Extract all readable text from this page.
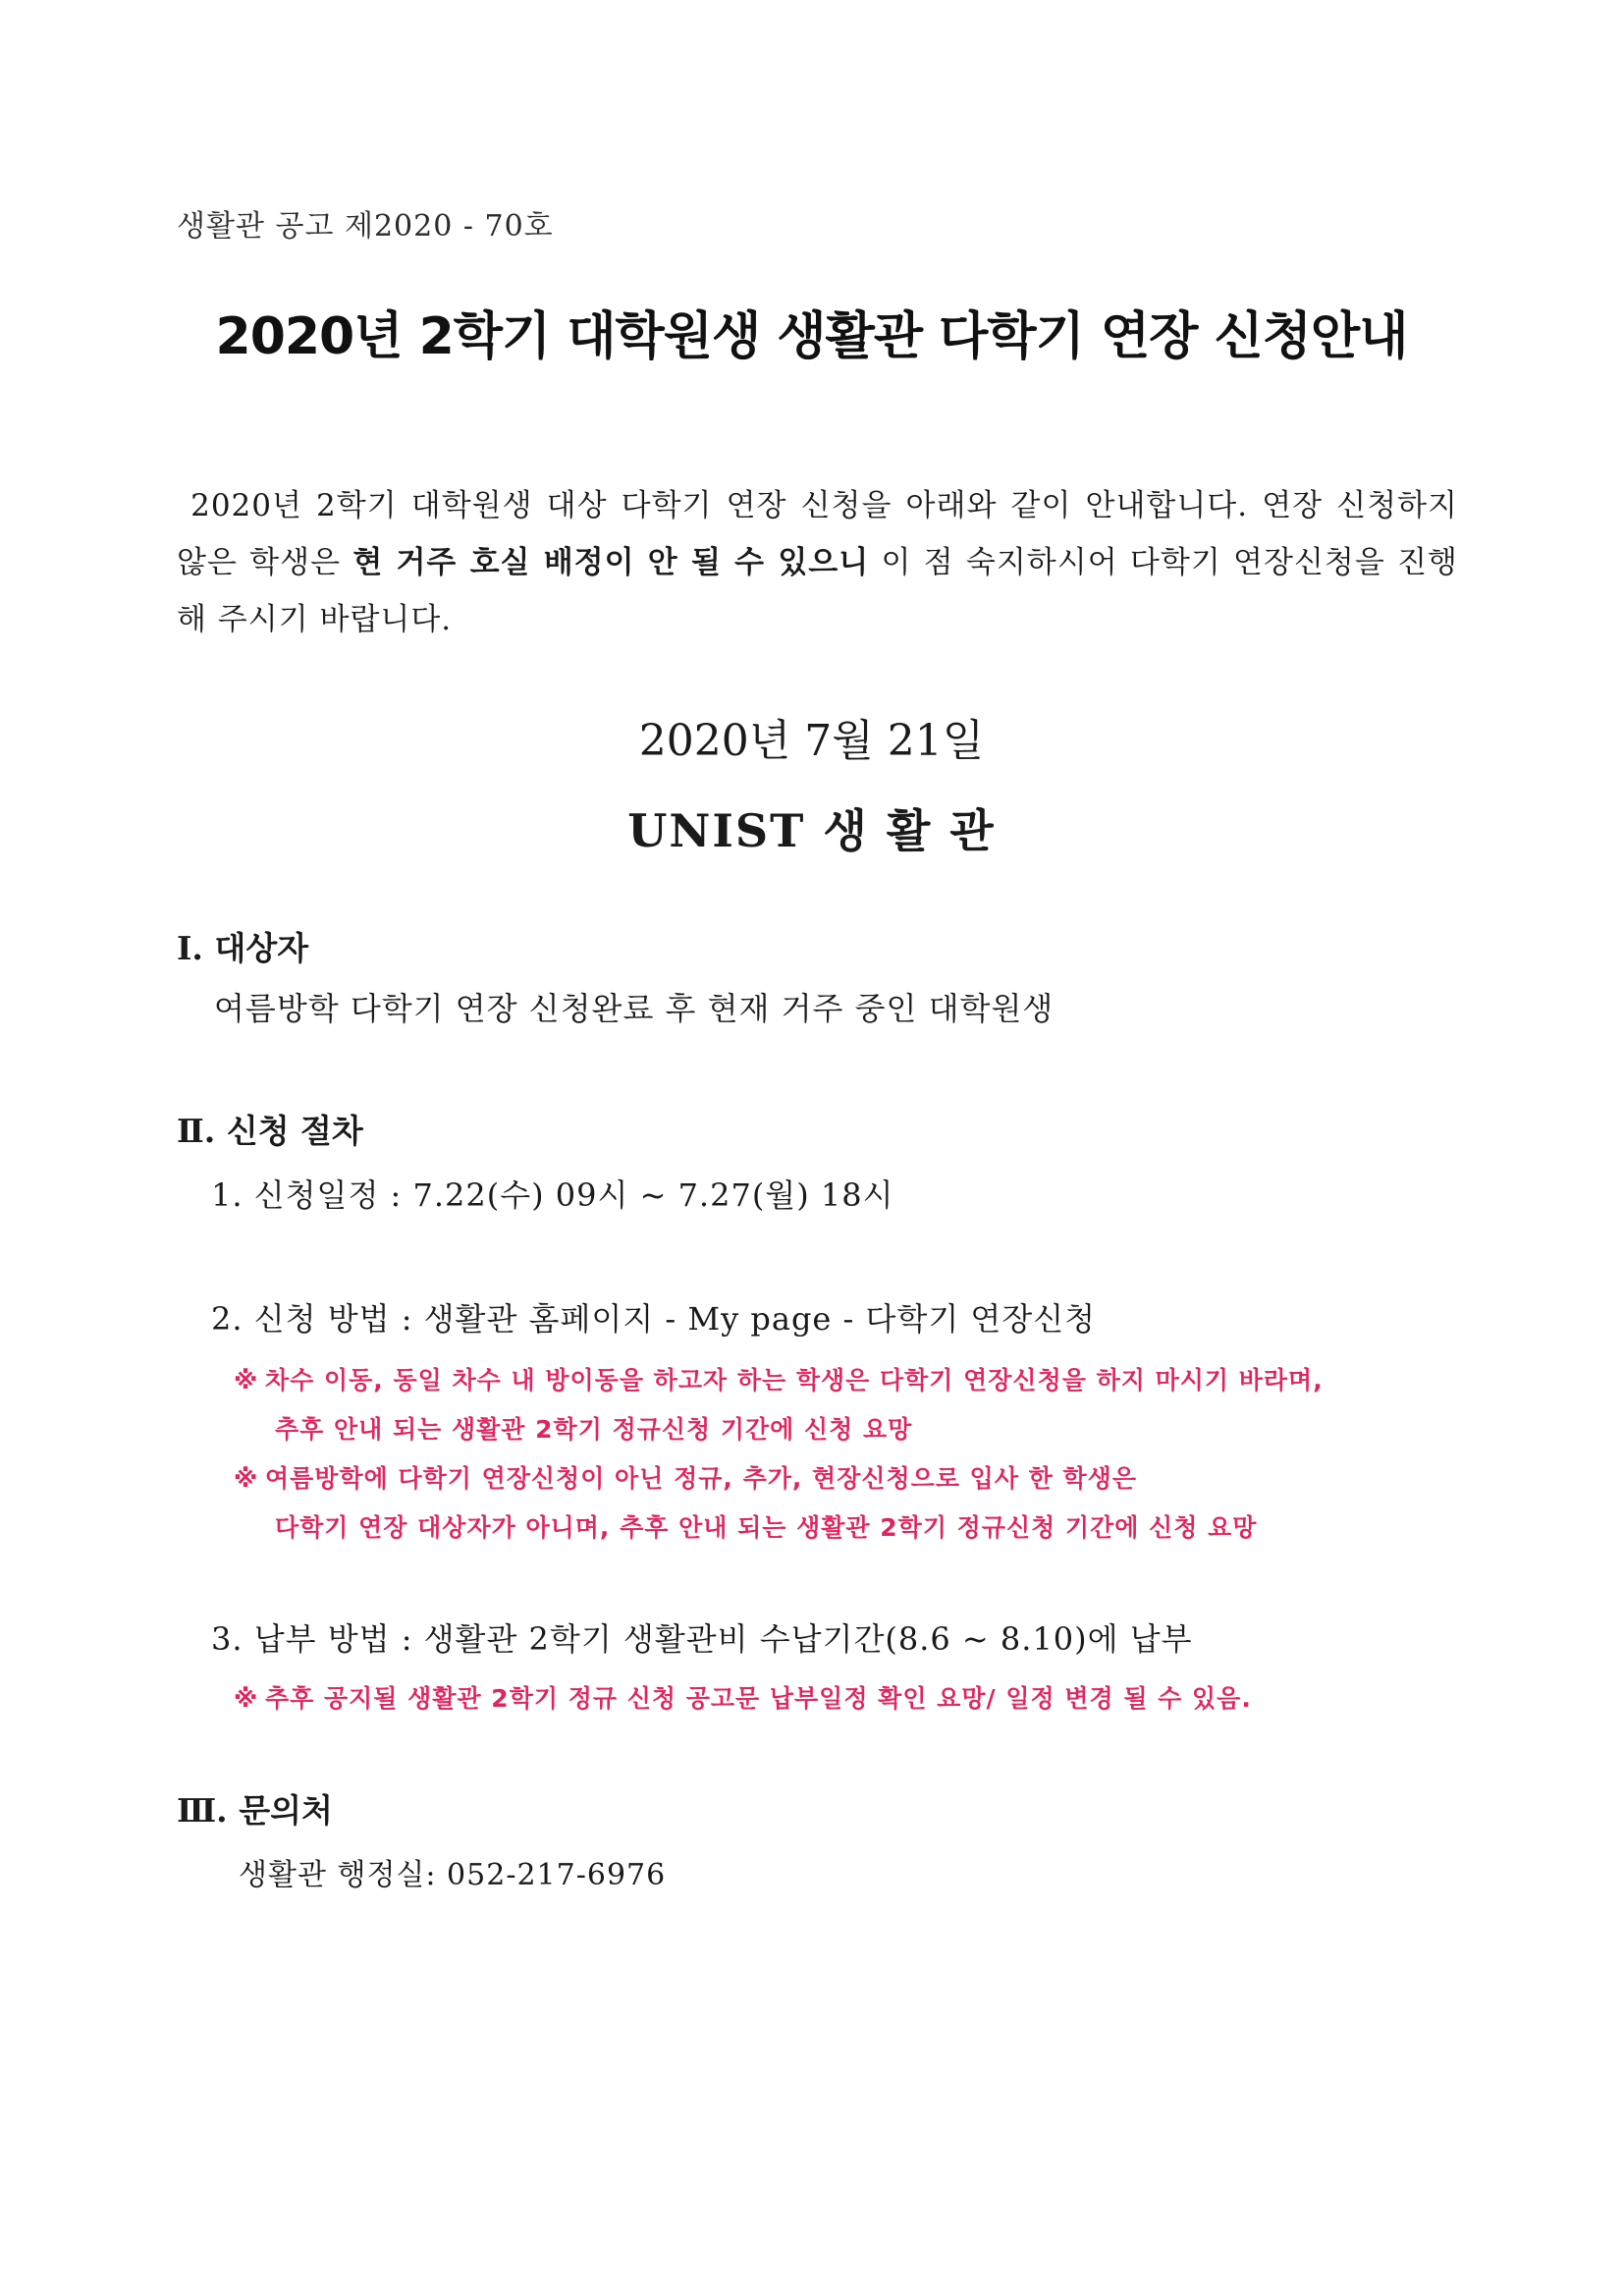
생활관 공고 제2020 - 70호
2020년 2학기 대학원생 생활관 다학기 연장 신청안내
2020년 2학기 대학원생 대상 다학기 연장 신청을 아래와 같이 안내합니다. 연장 신청하지 않은 학생은 현 거주 호실 배정이 안 될 수 있으니 이 점 숙지하시어 다학기 연장신청을 진행해 주시기 바랍니다.
2020년 7월 21일
UNIST 생 활 관
Ⅰ. 대상자
여름방학 다학기 연장 신청완료 후 현재 거주 중인 대학원생
Ⅱ. 신청 절차
1. 신청일정 : 7.22(수) 09시 ~ 7.27(월) 18시
2. 신청 방법 : 생활관 홈페이지 - My page - 다학기 연장신청
※ 차수 이동, 동일 차수 내 방이동을 하고자 하는 학생은 다학기 연장신청을 하지 마시기 바라며,
추후 안내 되는 생활관 2학기 정규신청 기간에 신청 요망
※ 여름방학에 다학기 연장신청이 아닌 정규, 추가, 현장신청으로 입사 한 학생은
다학기 연장 대상자가 아니며, 추후 안내 되는 생활관 2학기 정규신청 기간에 신청 요망
3. 납부 방법 : 생활관 2학기 생활관비 수납기간(8.6 ~ 8.10)에 납부
※ 추후 공지될 생활관 2학기 정규 신청 공고문 납부일정 확인 요망/ 일정 변경 될 수 있음.
Ⅲ. 문의처
생활관 행정실: 052-217-6976
